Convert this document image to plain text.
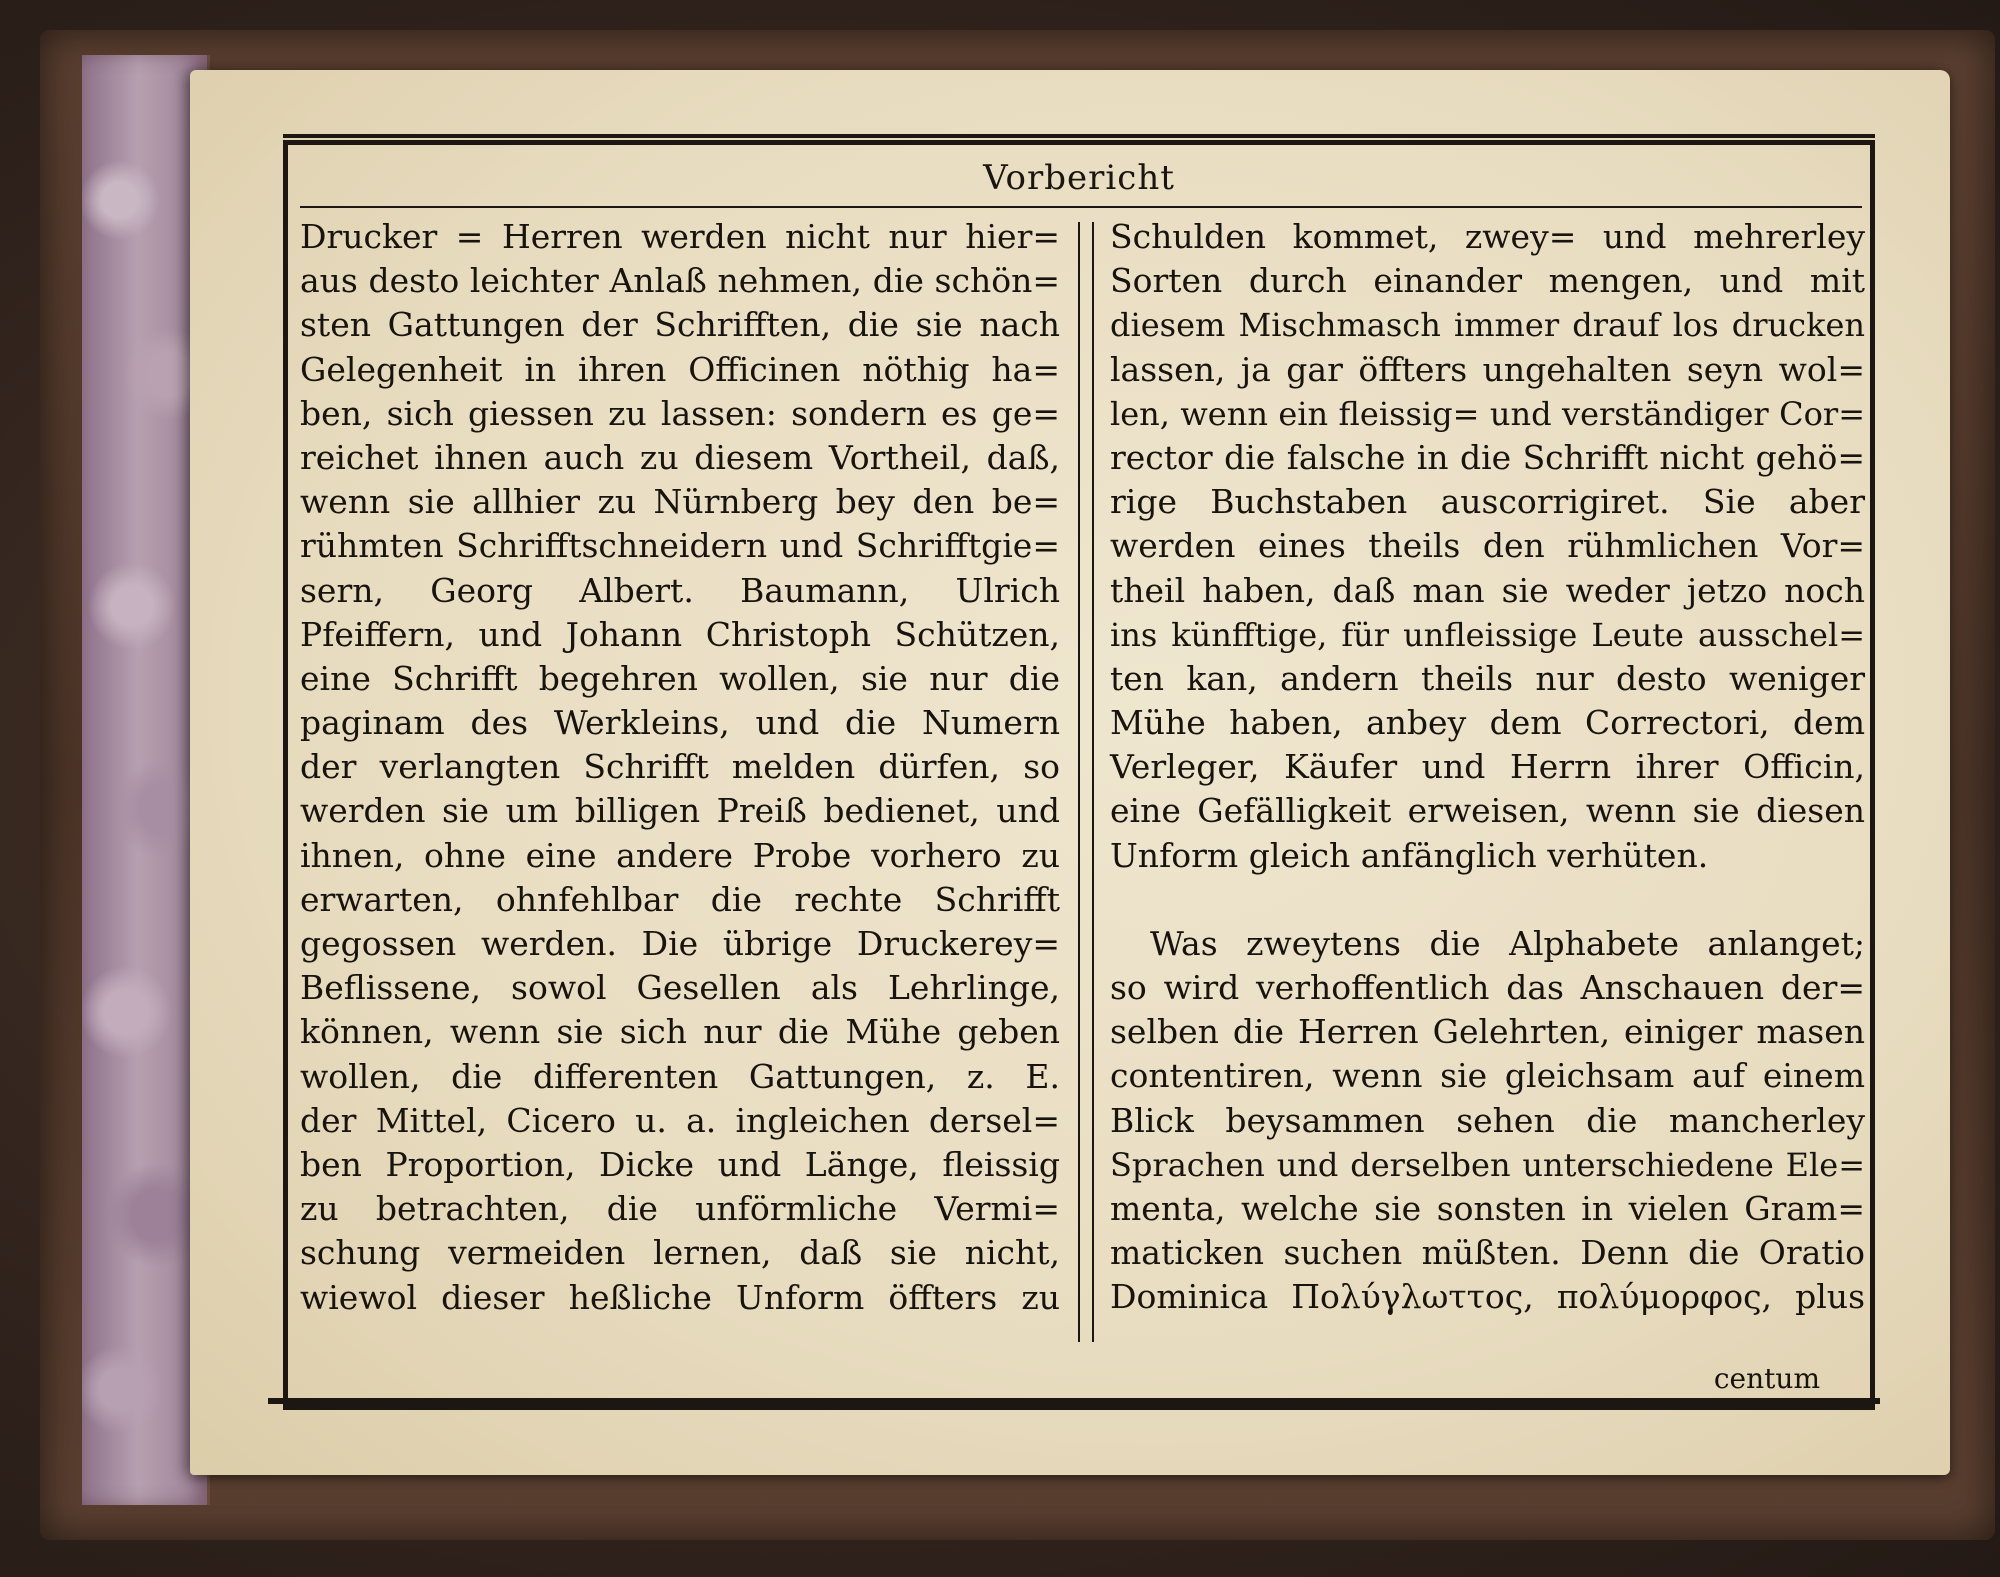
Vorbericht
Drucker = Herren werden nicht nur hier=
aus desto leichter Anlaß nehmen, die schön=
sten Gattungen der Schrifften, die sie nach
Gelegenheit in ihren Officinen nöthig ha=
ben, sich giessen zu lassen: sondern es ge=
reichet ihnen auch zu diesem Vortheil, daß,
wenn sie allhier zu Nürnberg bey den be=
rühmten Schrifftschneidern und Schrifftgie=
sern, Georg Albert. Baumann, Ulrich
Pfeiffern, und Johann Christoph Schützen,
eine Schrifft begehren wollen, sie nur die
paginam des Werkleins, und die Numern
der verlangten Schrifft melden dürfen, so
werden sie um billigen Preiß bedienet, und
ihnen, ohne eine andere Probe vorhero zu
erwarten, ohnfehlbar die rechte Schrifft
gegossen werden. Die übrige Druckerey=
Beflissene, sowol Gesellen als Lehrlinge,
können, wenn sie sich nur die Mühe geben
wollen, die differenten Gattungen, z. E.
der Mittel, Cicero u. a. ingleichen dersel=
ben Proportion, Dicke und Länge, fleissig
zu betrachten, die unförmliche Vermi=
schung vermeiden lernen, daß sie nicht,
wiewol dieser heßliche Unform öffters zu
Schulden kommet, zwey= und mehrerley
Sorten durch einander mengen, und mit
diesem Mischmasch immer drauf los drucken
lassen, ja gar öffters ungehalten seyn wol=
len, wenn ein fleissig= und verständiger Cor=
rector die falsche in die Schrifft nicht gehö=
rige Buchstaben auscorrigiret. Sie aber
werden eines theils den rühmlichen Vor=
theil haben, daß man sie weder jetzo noch
ins künfftige, für unfleissige Leute ausschel=
ten kan, andern theils nur desto weniger
Mühe haben, anbey dem Correctori, dem
Verleger, Käufer und Herrn ihrer Officin,
eine Gefälligkeit erweisen, wenn sie diesen
Unform gleich anfänglich verhüten.
Was zweytens die Alphabete anlanget;
so wird verhoffentlich das Anschauen der=
selben die Herren Gelehrten, einiger masen
contentiren, wenn sie gleichsam auf einem
Blick beysammen sehen die mancherley
Sprachen und derselben unterschiedene Ele=
menta, welche sie sonsten in vielen Gram=
maticken suchen müßten. Denn die Oratio
Dominica Πολύγλωττος, πολύμορφος, plus
centum
